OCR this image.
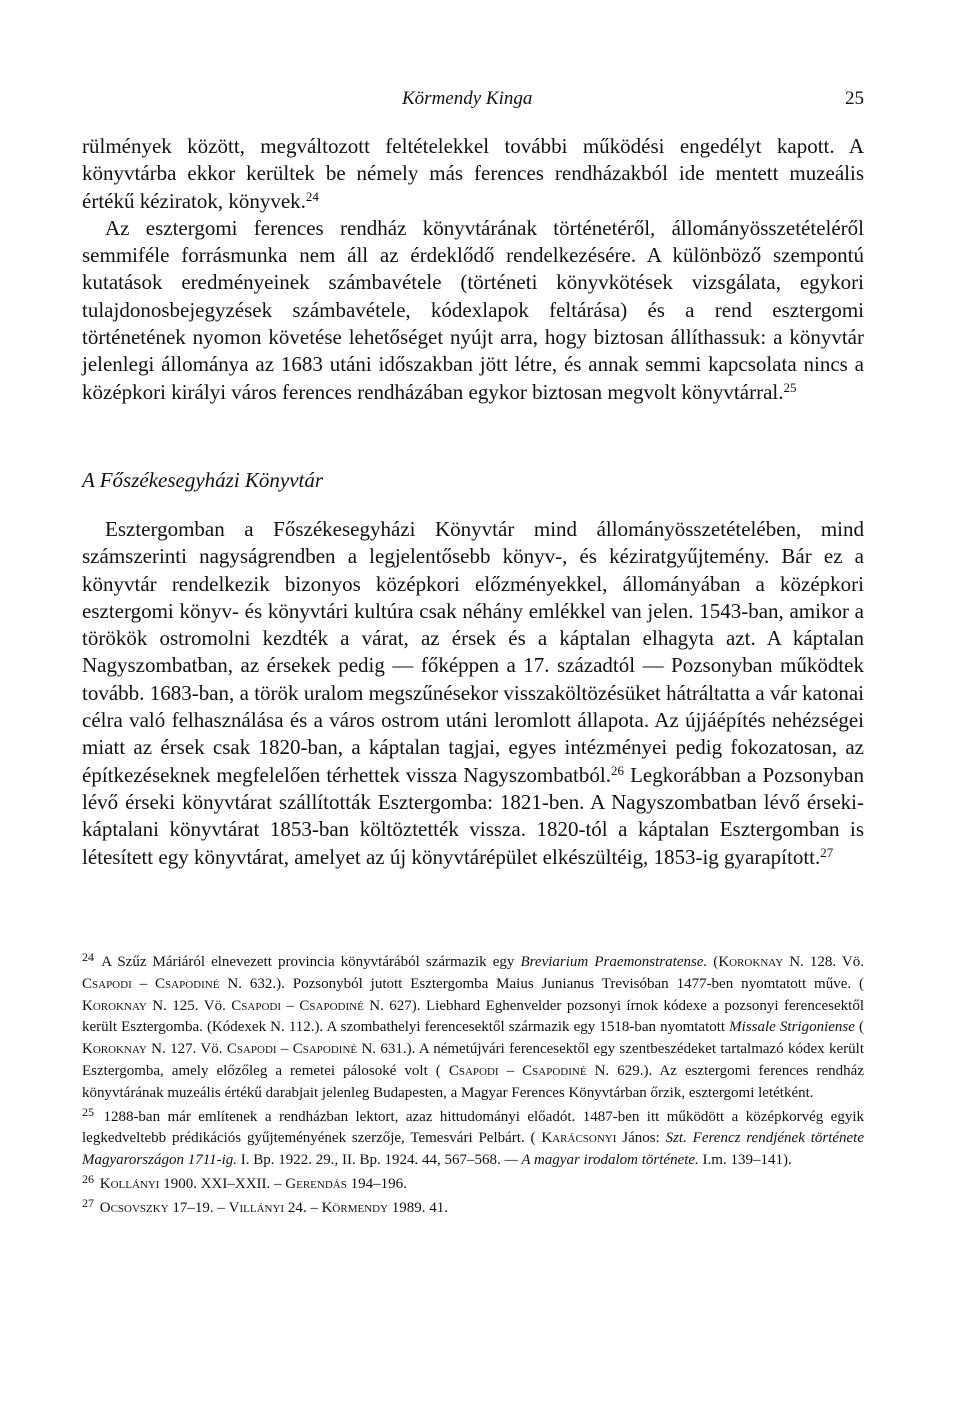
Körmendy Kinga	25

rülmények között, megváltozott feltételekkel további működési engedélyt kapott. A könyvtárba ekkor kerültek be némely más ferences rendházakból ide mentett muzeális értékű kéziratok, könyvek.$^{24}$

Az esztergomi ferences rendház könyvtárának történetéről, állományösszetételéről semmiféle forrásmunka nem áll az érdeklődő rendelkezésére. A különböző szempontú kutatások eredményeinek számbavétele (történeti könyvkötések vizsgálata, egykori tulajdonosbejegyzések számbavétele, kódexlapok feltárása) és a rend esztergomi történetének nyomon követése lehetőséget nyújt arra, hogy biztosan állíthassuk: a könyvtár jelenlegi állománya az 1683 utáni időszakban jött létre, és annak semmi kapcsolata nincs a középkori királyi város ferences rendházában egykor biztosan megvolt könyvtárral.$^{25}$

A Főszékesegyházi Könyvtár

Esztergomban a Főszékesegyházi Könyvtár mind állományösszetételében, mind számszerinti nagyságrendben a legjelentősebb könyv-, és kéziratgyűjtemény. Bár ez a könyvtár rendelkezik bizonyos középkori előzményekkel, állományában a középkori esztergomi könyv- és könyvtári kultúra csak néhány emlékkel van jelen. 1543-ban, amikor a törökök ostromolni kezdték a várat, az érsek és a káptalan elhagyta azt. A káptalan Nagyszombatban, az érsekek pedig — főképpen a 17. századtól — Pozsonyban működtek tovább. 1683-ban, a török uralom megszűnésekor visszaköltözésüket hátráltatta a vár katonai célra való felhasználása és a város ostrom utáni leromlott állapota. Az újjáépítés nehézségei miatt az érsek csak 1820-ban, a káptalan tagjai, egyes intézményei pedig fokozatosan, az építkezéseknek megfelelően térhettek vissza Nagyszombatból.$^{26}$ Legkorábban a Pozsonyban lévő érseki könyvtárat szállították Esztergomba: 1821-ben. A Nagyszombatban lévő érseki-káptalani könyvtárat 1853-ban költöztették vissza. 1820-tól a káptalan Esztergomban is létesített egy könyvtárat, amelyet az új könyvtárépület elkészültéig, 1853-ig gyarapított.$^{27}$

$^{24}$ A Szűz Máriáról elnevezett provincia könyvtárából származik egy Breviarium Praemonstratense. (Koroknay N. 128. Vö. Csapodi – Csapodiné N. 632.). Pozsonyból jutott Esztergomba Maius Junianus Trevisóban 1477-ben nyomtatott műve. ( Koroknay N. 125. Vö. Csapodi – Csapodiné N. 627). Liebhard Eghenvelder pozsonyi írnok kódexe a pozsonyi ferencesektől került Esztergomba. (Kódexek N. 112.). A szombathelyi ferencesektől származik egy 1518-ban nyomtatott Missale Strigoniense ( Koroknay N. 127. Vö. Csapodi – Csapodiné N. 631.). A németújvári ferencesektől egy szentbeszédeket tartalmazó kódex került Esztergomba, amely előzőleg a remetei pálosoké volt ( Csapodi – Csapodiné N. 629.). Az esztergomi ferences rendház könyvtárának muzeális értékű darabjait jelenleg Budapesten, a Magyar Ferences Könyvtárban őrzik, esztergomi letétként.

$^{25}$ 1288-ban már említenek a rendházban lektort, azaz hittudományi előadót. 1487-ben itt működött a középkorvég egyik legkedveltebb prédikációs gyűjteményének szerzője, Temesvári Pelbárt. ( Karácsonyi János: Szt. Ferencz rendjének története Magyarországon 1711-ig. I. Bp. 1922. 29., II. Bp. 1924. 44, 567–568. — A magyar irodalom története. I.m. 139–141).

$^{26}$ Kollányi 1900. XXI–XXII. – Gerendás 194–196.

$^{27}$ Ocsovszky 17–19. – Villányi 24. – Körmendy 1989. 41.
